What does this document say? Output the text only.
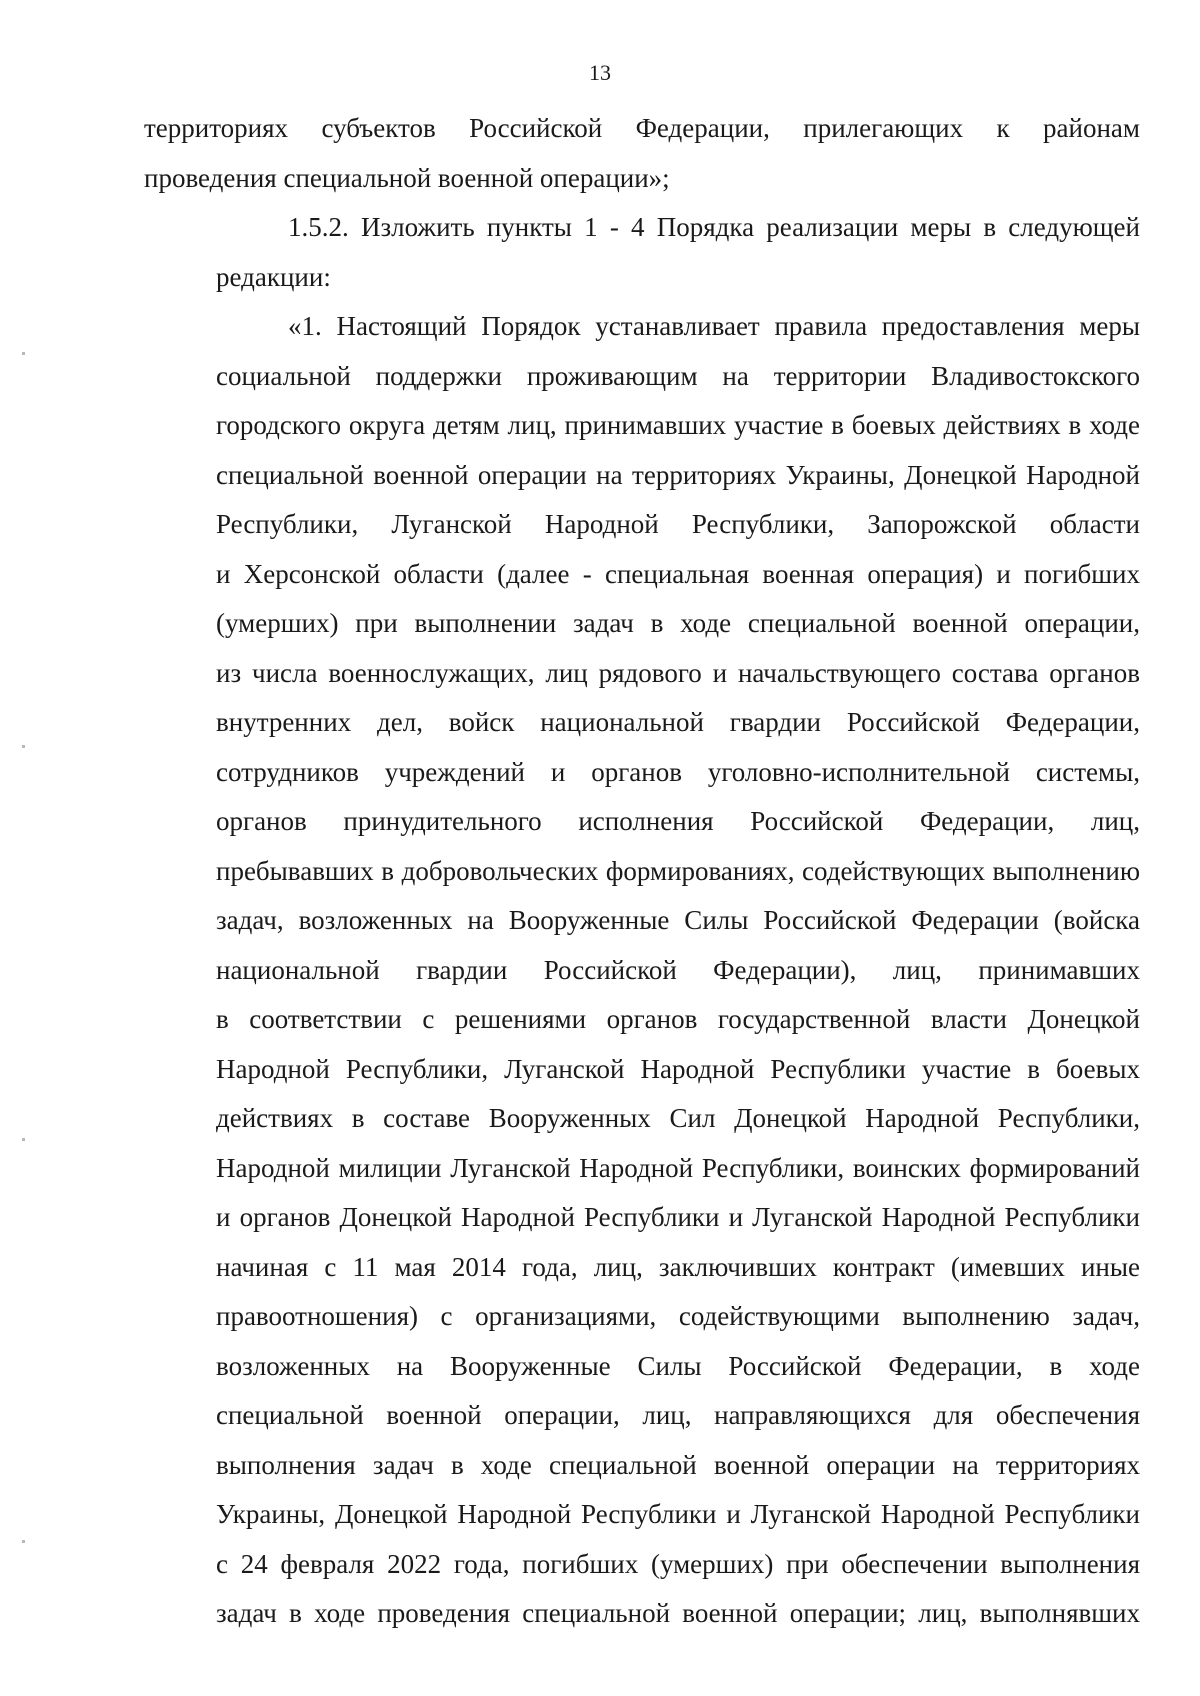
13
территориях субъектов Российской Федерации, прилегающих к районам
проведения специальной военной операции»;
1.5.2. Изложить пункты 1 - 4 Порядка реализации меры в следующей
редакции:
«1. Настоящий Порядок устанавливает правила предоставления меры
социальной поддержки проживающим на территории Владивостокского
городского округа детям лиц, принимавших участие в боевых действиях в ходе
специальной военной операции на территориях Украины, Донецкой Народной
Республики, Луганской Народной Республики, Запорожской области
и Херсонской области (далее - специальная военная операция) и погибших
(умерших) при выполнении задач в ходе специальной военной операции,
из числа военнослужащих, лиц рядового и начальствующего состава органов
внутренних дел, войск национальной гвардии Российской Федерации,
сотрудников учреждений и органов уголовно-исполнительной системы,
органов принудительного исполнения Российской Федерации, лиц,
пребывавших в добровольческих формированиях, содействующих выполнению
задач, возложенных на Вооруженные Силы Российской Федерации (войска
национальной гвардии Российской Федерации), лиц, принимавших
в соответствии с решениями органов государственной власти Донецкой
Народной Республики, Луганской Народной Республики участие в боевых
действиях в составе Вооруженных Сил Донецкой Народной Республики,
Народной милиции Луганской Народной Республики, воинских формирований
и органов Донецкой Народной Республики и Луганской Народной Республики
начиная с 11 мая 2014 года, лиц, заключивших контракт (имевших иные
правоотношения) с организациями, содействующими выполнению задач,
возложенных на Вооруженные Силы Российской Федерации, в ходе
специальной военной операции, лиц, направляющихся для обеспечения
выполнения задач в ходе специальной военной операции на территориях
Украины, Донецкой Народной Республики и Луганской Народной Республики
с 24 февраля 2022 года, погибших (умерших) при обеспечении выполнения
задач в ходе проведения специальной военной операции; лиц, выполнявших
